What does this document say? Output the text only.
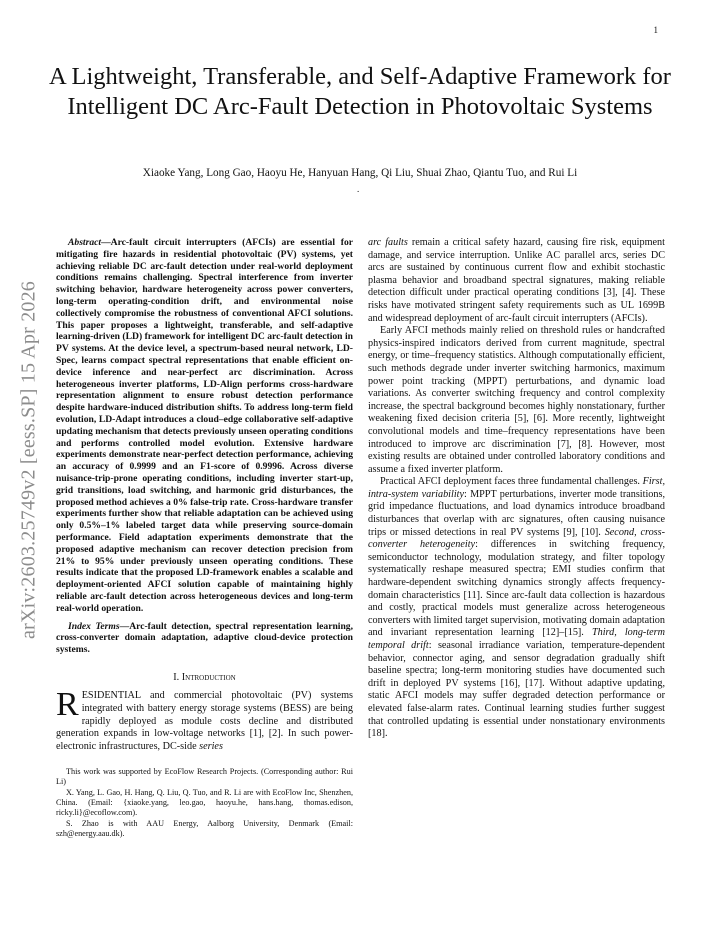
1
A Lightweight, Transferable, and Self-Adaptive Framework for Intelligent DC Arc-Fault Detection in Photovoltaic Systems
Xiaoke Yang, Long Gao, Haoyu He, Hanyuan Hang, Qi Liu, Shuai Zhao, Qiantu Tuo, and Rui Li
.
arXiv:2603.25749v2 [eess.SP] 15 Apr 2026

Abstract—Arc-fault circuit interrupters (AFCIs) are essential for mitigating fire hazards in residential photovoltaic (PV) systems, yet achieving reliable DC arc-fault detection under real-world deployment conditions remains challenging. Spectral interference from inverter switching behavior, hardware heterogeneity across power converters, long-term operating-condition drift, and environmental noise collectively compromise the robustness of conventional AFCI solutions. This paper proposes a lightweight, transferable, and self-adaptive learning-driven (LD) framework for intelligent DC arc-fault detection in PV systems. At the device level, a spectrum-based neural network, LD-Spec, learns compact spectral representations that enable efficient on-device inference and near-perfect arc discrimination. Across heterogeneous inverter platforms, LD-Align performs cross-hardware representation alignment to ensure robust detection performance despite hardware-induced distribution shifts. To address long-term field evolution, LD-Adapt introduces a cloud–edge collaborative self-adaptive updating mechanism that detects previously unseen operating conditions and performs controlled model evolution. Extensive hardware experiments demonstrate near-perfect detection performance, achieving an accuracy of 0.9999 and an F1-score of 0.9996. Across diverse nuisance-trip-prone operating conditions, including inverter start-up, grid transitions, load switching, and harmonic grid disturbances, the proposed method achieves a 0% false-trip rate. Cross-hardware transfer experiments further show that reliable adaptation can be achieved using only 0.5%–1% labeled target data while preserving source-domain performance. Field adaptation experiments demonstrate that the proposed adaptive mechanism can recover detection precision from 21% to 95% under previously unseen operating conditions. These results indicate that the proposed LD-framework enables a scalable and deployment-oriented AFCI solution capable of maintaining highly reliable arc-fault detection across heterogeneous devices and long-term real-world operation.

Index Terms—Arc-fault detection, spectral representation learning, cross-converter domain adaptation, adaptive cloud-device protection systems.

I. Introduction

RESIDENTIAL and commercial photovoltaic (PV) systems integrated with battery energy storage systems (BESS) are being rapidly deployed as module costs decline and distributed generation expands in low-voltage networks [1], [2]. In such power-electronic infrastructures, DC-side series

This work was supported by EcoFlow Research Projects. (Corresponding author: Rui Li)

X. Yang, L. Gao, H. Hang, Q. Liu, Q. Tuo, and R. Li are with EcoFlow Inc, Shenzhen, China. (Email: {xiaoke.yang, leo.gao, haoyu.he, hans.hang, thomas.edison, ricky.li}@ecoflow.com).

S. Zhao is with AAU Energy, Aalborg University, Denmark (Email: szh@energy.aau.dk).

arc faults remain a critical safety hazard, causing fire risk, equipment damage, and service interruption. Unlike AC parallel arcs, series DC arcs are sustained by continuous current flow and exhibit stochastic plasma behavior and broadband spectral signatures, making reliable detection difficult under practical operating conditions [3], [4]. These risks have motivated stringent safety requirements such as UL 1699B and widespread deployment of arc-fault circuit interrupters (AFCIs).

Early AFCI methods mainly relied on threshold rules or handcrafted physics-inspired indicators derived from current magnitude, spectral energy, or time–frequency statistics. Although computationally efficient, such methods degrade under inverter switching harmonics, maximum power point tracking (MPPT) perturbations, and dynamic load variations. As converter switching frequency and control complexity increase, the spectral background becomes highly nonstationary, further weakening fixed decision criteria [5], [6]. More recently, lightweight convolutional models and time–frequency representations have been introduced to improve arc discrimination [7], [8]. However, most existing results are obtained under controlled laboratory conditions and assume a fixed inverter platform.

Practical AFCI deployment faces three fundamental challenges. First, intra-system variability: MPPT perturbations, inverter mode transitions, grid impedance fluctuations, and load dynamics introduce broadband disturbances that overlap with arc signatures, often causing nuisance trips or missed detections in real PV systems [9], [10]. Second, cross-converter heterogeneity: differences in switching frequency, semiconductor technology, modulation strategy, and filter topology systematically reshape measured spectra; EMI studies confirm that hardware-dependent switching dynamics strongly affects frequency-domain characteristics [11]. Since arc-fault data collection is hazardous and costly, practical models must generalize across heterogeneous converters with limited target supervision, motivating domain adaptation and invariant representation learning [12]–[15]. Third, long-term temporal drift: seasonal irradiance variation, temperature-dependent behavior, connector aging, and sensor degradation gradually shift baseline spectra; long-term monitoring studies have documented such drift in deployed PV systems [16], [17]. Without adaptive updating, static AFCI models may suffer degraded detection performance or elevated false-alarm rates. Continual learning studies further suggest that controlled updating is essential under nonstationary environments [18].
